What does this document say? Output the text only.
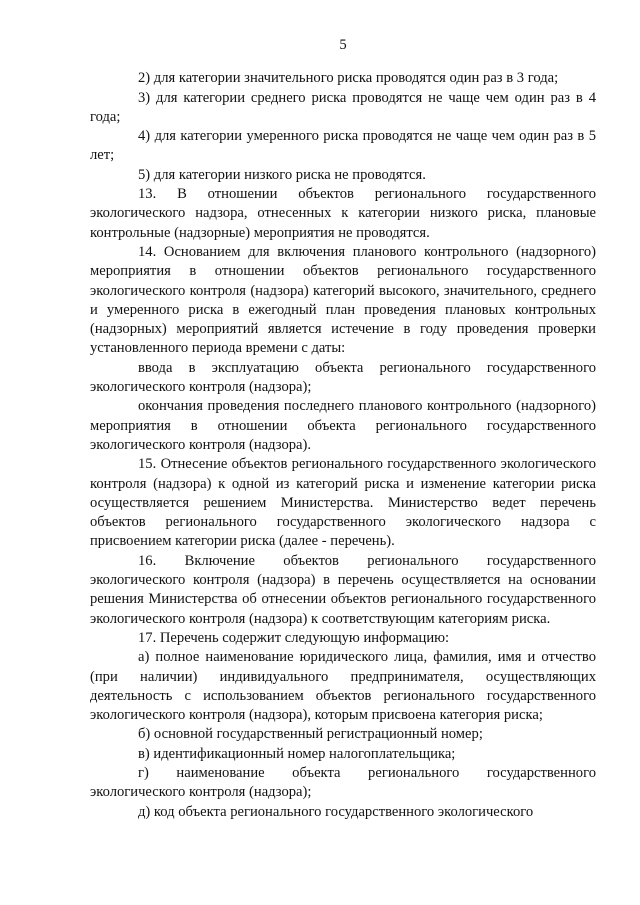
5

2) для категории значительного риска проводятся один раз в 3 года;

3) для категории среднего риска проводятся не чаще чем один раз в 4 года;

4) для категории умеренного риска проводятся не чаще чем один раз в 5 лет;

5) для категории низкого риска не проводятся.

13. В отношении объектов регионального государственного экологического надзора, отнесенных к категории низкого риска, плановые контрольные (надзорные) мероприятия не проводятся.

14. Основанием для включения планового контрольного (надзорного) мероприятия в отношении объектов регионального государственного экологического контроля (надзора) категорий высокого, значительного, среднего и умеренного риска в ежегодный план проведения плановых контрольных (надзорных) мероприятий является истечение в году проведения проверки установленного периода времени с даты:

ввода в эксплуатацию объекта регионального государственного экологического контроля (надзора);

окончания проведения последнего планового контрольного (надзорного) мероприятия в отношении объекта регионального государственного экологического контроля (надзора).

15. Отнесение объектов регионального государственного экологического контроля (надзора) к одной из категорий риска и изменение категории риска осуществляется решением Министерства. Министерство ведет перечень объектов регионального государственного экологического надзора с присвоением категории риска (далее - перечень).

16. Включение объектов регионального государственного экологического контроля (надзора) в перечень осуществляется на основании решения Министерства об отнесении объектов регионального государственного экологического контроля (надзора) к соответствующим категориям риска.

17. Перечень содержит следующую информацию:

а) полное наименование юридического лица, фамилия, имя и отчество (при наличии) индивидуального предпринимателя, осуществляющих деятельность с использованием объектов регионального государственного экологического контроля (надзора), которым присвоена категория риска;

б) основной государственный регистрационный номер;

в) идентификационный номер налогоплательщика;

г) наименование объекта регионального государственного экологического контроля (надзора);

д) код объекта регионального государственного экологического
